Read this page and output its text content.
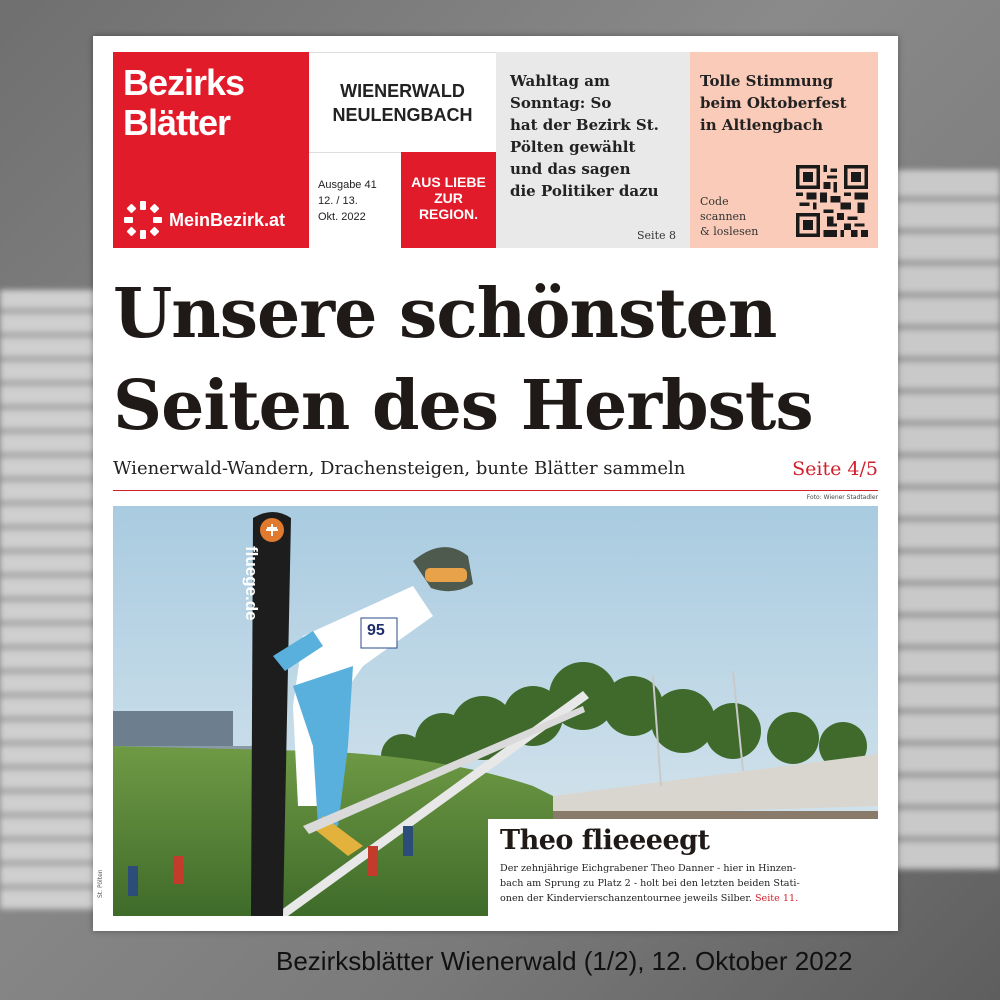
Bezirks
Blätter
MeinBezirk.at
WIENERWALD
NEULENGBACH
Ausgabe 41
12. / 13.
Okt. 2022
AUS LIEBE
ZUR
REGION.
Wahltag am
Sonntag: So
hat der Bezirk St.
Pölten gewählt
und das sagen
die Politiker dazu
Seite 8
Tolle Stimmung
beim Oktoberfest
in Altlengbach
Code
scannen
& loslesen
Unsere schönsten
Seiten des Herbsts
Wienerwald-Wandern, Drachensteigen, bunte Blätter sammeln	Seite 4/5
Foto: Wiener Stadtadler
fluege.de
95
Theo flieeeegt
Der zehnjährige Eichgrabener Theo Danner - hier in Hinzen-
bach am Sprung zu Platz 2 - holt bei den letzten beiden Stati-
onen der Kindervierschanzentournee jeweils Silber. Seite 11.
St. Pölten
Bezirksblätter Wienerwald (1/2), 12. Oktober 2022
